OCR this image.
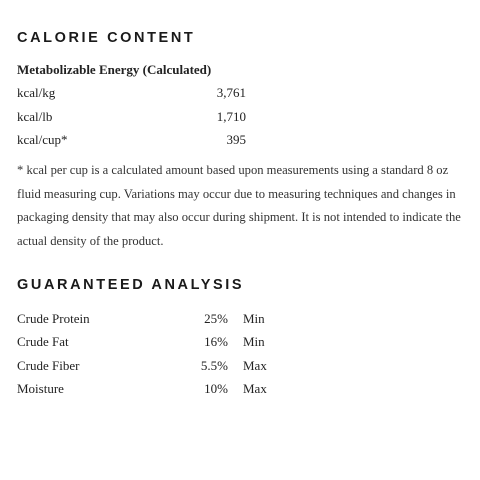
CALORIE CONTENT
Metabolizable Energy (Calculated)
kcal/kg	3,761
kcal/lb	1,710
kcal/cup*	395

* kcal per cup is a calculated amount based upon measurements using a standard 8 oz fluid measuring cup. Variations may occur due to measuring techniques and changes in packaging density that may also occur during shipment. It is not intended to indicate the actual density of the product.

GUARANTEED ANALYSIS
Crude Protein	25% Min
Crude Fat	16% Min
Crude Fiber	5.5% Max
Moisture	10% Max
